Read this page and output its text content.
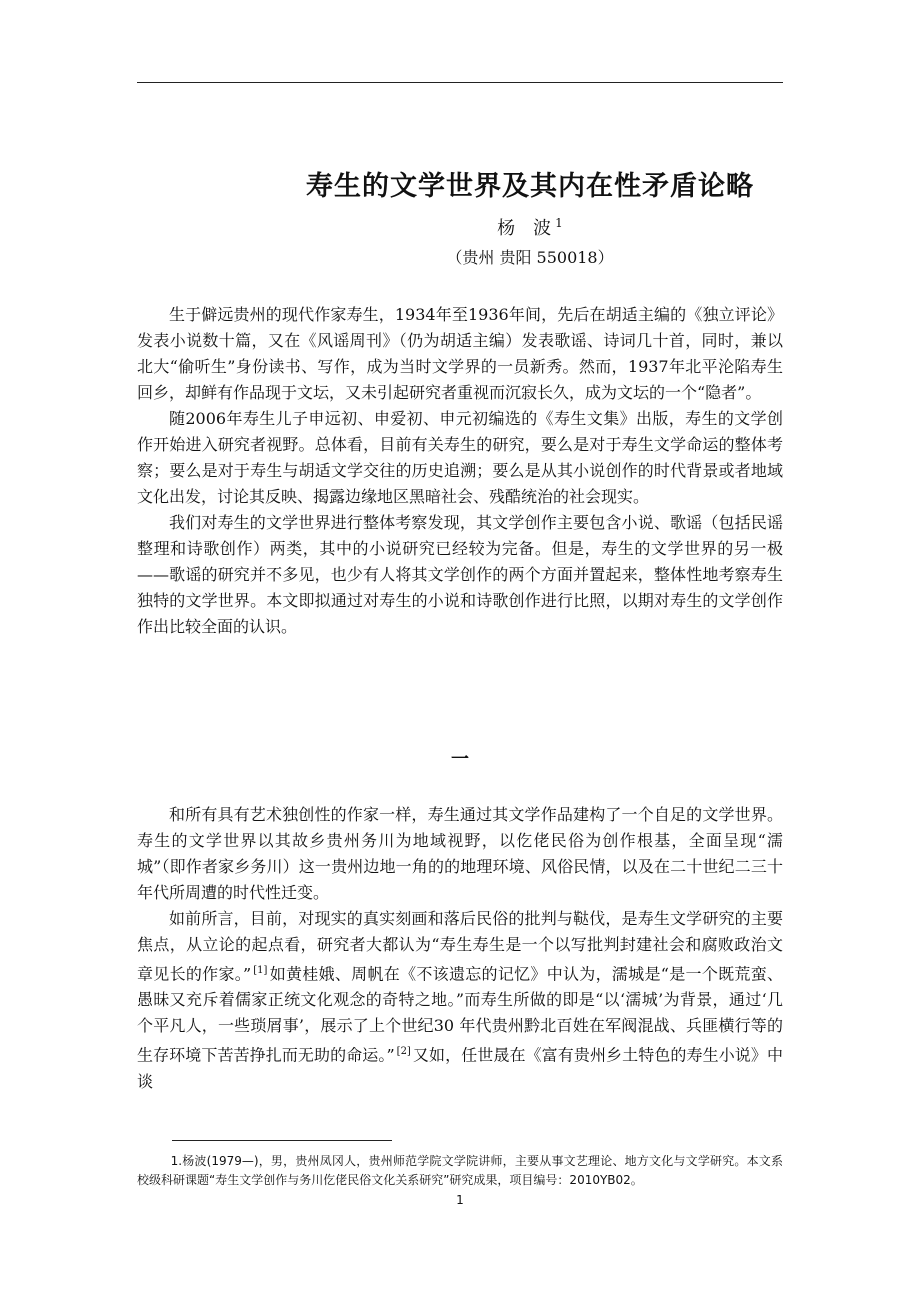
寿生的文学世界及其内在性矛盾论略

杨　波 $^1$

（贵州 贵阳 550018）

生于僻远贵州的现代作家寿生，1934年至1936年间，先后在胡适主编的《独立评论》发表小说数十篇，又在《风谣周刊》（仍为胡适主编）发表歌谣、诗词几十首，同时，兼以北大“偷听生”身份读书、写作，成为当时文学界的一员新秀。然而，1937年北平沦陷寿生回乡，却鲜有作品现于文坛，又未引起研究者重视而沉寂长久，成为文坛的一个“隐者”。

随2006年寿生儿子申远初、申爱初、申元初编选的《寿生文集》出版，寿生的文学创作开始进入研究者视野。总体看，目前有关寿生的研究，要么是对于寿生文学命运的整体考察；要么是对于寿生与胡适文学交往的历史追溯；要么是从其小说创作的时代背景或者地域文化出发，讨论其反映、揭露边缘地区黑暗社会、残酷统治的社会现实。

我们对寿生的文学世界进行整体考察发现，其文学创作主要包含小说、歌谣（包括民谣整理和诗歌创作）两类，其中的小说研究已经较为完备。但是，寿生的文学世界的另一极——歌谣的研究并不多见，也少有人将其文学创作的两个方面并置起来，整体性地考察寿生独特的文学世界。本文即拟通过对寿生的小说和诗歌创作进行比照，以期对寿生的文学创作作出比较全面的认识。

一

和所有具有艺术独创性的作家一样，寿生通过其文学作品建构了一个自足的文学世界。寿生的文学世界以其故乡贵州务川为地域视野，以仡佬民俗为创作根基，全面呈现“濡城”（即作者家乡务川）这一贵州边地一角的的地理环境、风俗民情，以及在二十世纪二三十年代所周遭的时代性迁变。

如前所言，目前，对现实的真实刻画和落后民俗的批判与鞑伐，是寿生文学研究的主要焦点，从立论的起点看，研究者大都认为“寿生寿生是一个以写批判封建社会和腐败政治文章见长的作家。” [1] 如黄桂娥、周帆在《不该遗忘的记忆》中认为，濡城是“是一个既荒蛮、愚昧又充斥着儒家正统文化观念的奇特之地。”而寿生所做的即是“以‘濡城’为背景，通过‘几个平凡人，一些琐屑事’，展示了上个世纪30 年代贵州黔北百姓在军阀混战、兵匪横行等的生存环境下苦苦挣扎而无助的命运。” [2] 又如，任世晟在《富有贵州乡土特色的寿生小说》中谈

1.杨波(1979—)，男，贵州凤冈人，贵州师范学院文学院讲师，主要从事文艺理论、地方文化与文学研究。本文系校级科研课题“寿生文学创作与务川仡佬民俗文化关系研究”研究成果，项目编号：2010YB02。

1
